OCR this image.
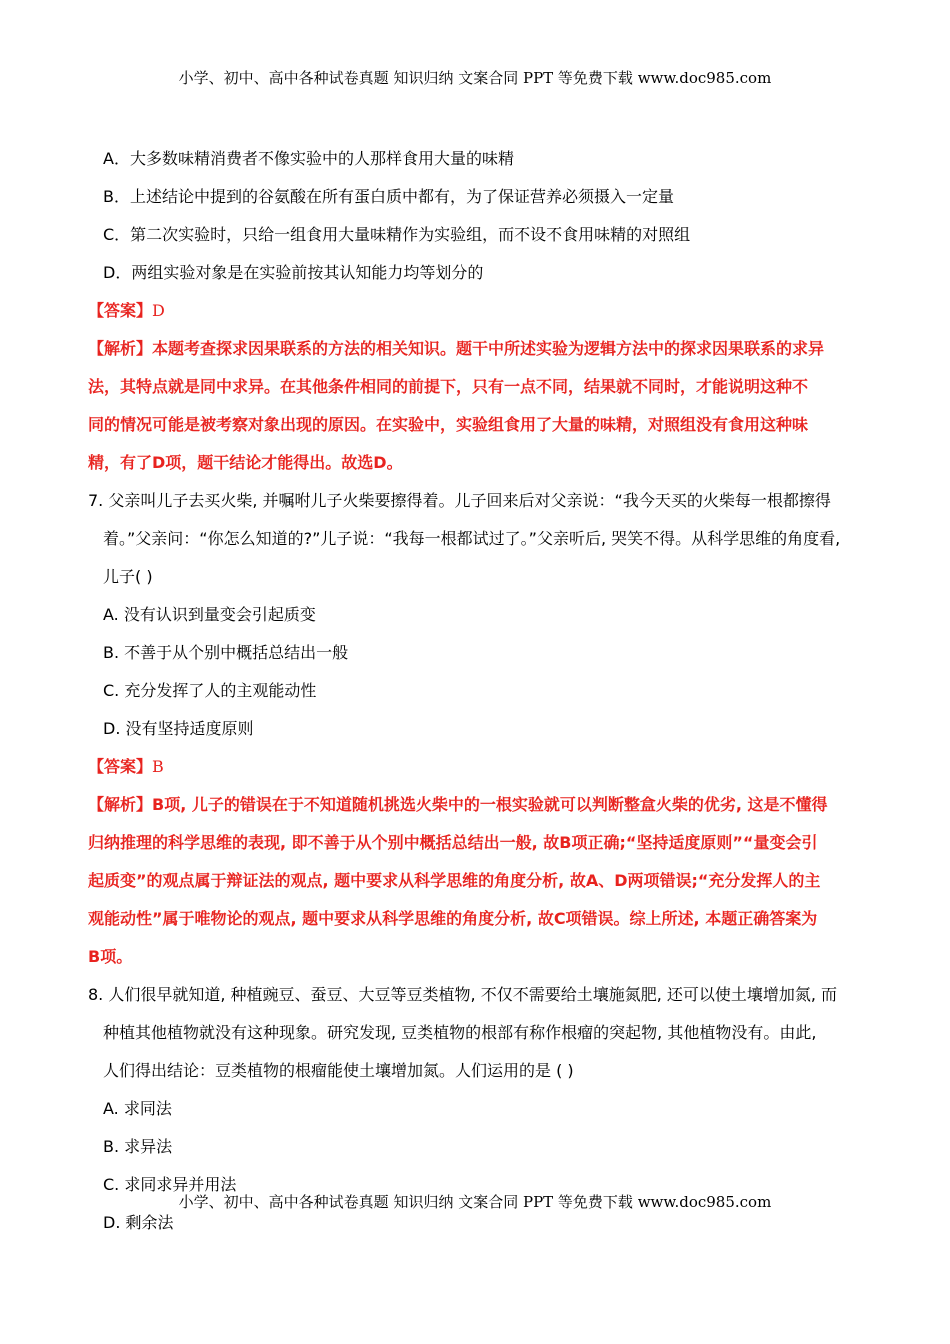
小学、初中、高中各种试卷真题 知识归纳 文案合同 PPT 等免费下载 www.doc985.com
A．大多数味精消费者不像实验中的人那样食用大量的味精
B．上述结论中提到的谷氨酸在所有蛋白质中都有，为了保证营养必须摄入一定量
C．第二次实验时，只给一组食用大量味精作为实验组，而不设不食用味精的对照组
D．两组实验对象是在实验前按其认知能力均等划分的
【答案】D
【解析】本题考查探求因果联系的方法的相关知识。题干中所述实验为逻辑方法中的探求因果联系的求异
法，其特点就是同中求异。在其他条件相同的前提下，只有一点不同，结果就不同时，才能说明这种不
同的情况可能是被考察对象出现的原因。在实验中，实验组食用了大量的味精，对照组没有食用这种味
精，有了D项，题干结论才能得出。故选D。
7. 父亲叫儿子去买火柴, 并嘱咐儿子火柴要擦得着。儿子回来后对父亲说：“我今天买的火柴每一根都擦得
着。”父亲问：“你怎么知道的?”儿子说：“我每一根都试过了。”父亲听后, 哭笑不得。从科学思维的角度看,
儿子( )
A. 没有认识到量变会引起质变
B. 不善于从个别中概括总结出一般
C. 充分发挥了人的主观能动性
D. 没有坚持适度原则
【答案】B
【解析】B项, 儿子的错误在于不知道随机挑选火柴中的一根实验就可以判断整盒火柴的优劣, 这是不懂得
归纳推理的科学思维的表现, 即不善于从个别中概括总结出一般, 故B项正确;“坚持适度原则”“量变会引
起质变”的观点属于辩证法的观点, 题中要求从科学思维的角度分析, 故A、D两项错误;“充分发挥人的主
观能动性”属于唯物论的观点, 题中要求从科学思维的角度分析, 故C项错误。综上所述, 本题正确答案为
B项。
8. 人们很早就知道, 种植豌豆、蚕豆、大豆等豆类植物, 不仅不需要给土壤施氮肥, 还可以使土壤增加氮, 而
种植其他植物就没有这种现象。研究发现, 豆类植物的根部有称作根瘤的突起物, 其他植物没有。由此,
人们得出结论：豆类植物的根瘤能使土壤增加氮。人们运用的是 ( )
A. 求同法
B. 求异法
C. 求同求异并用法
D. 剩余法
小学、初中、高中各种试卷真题 知识归纳 文案合同 PPT 等免费下载 www.doc985.com
